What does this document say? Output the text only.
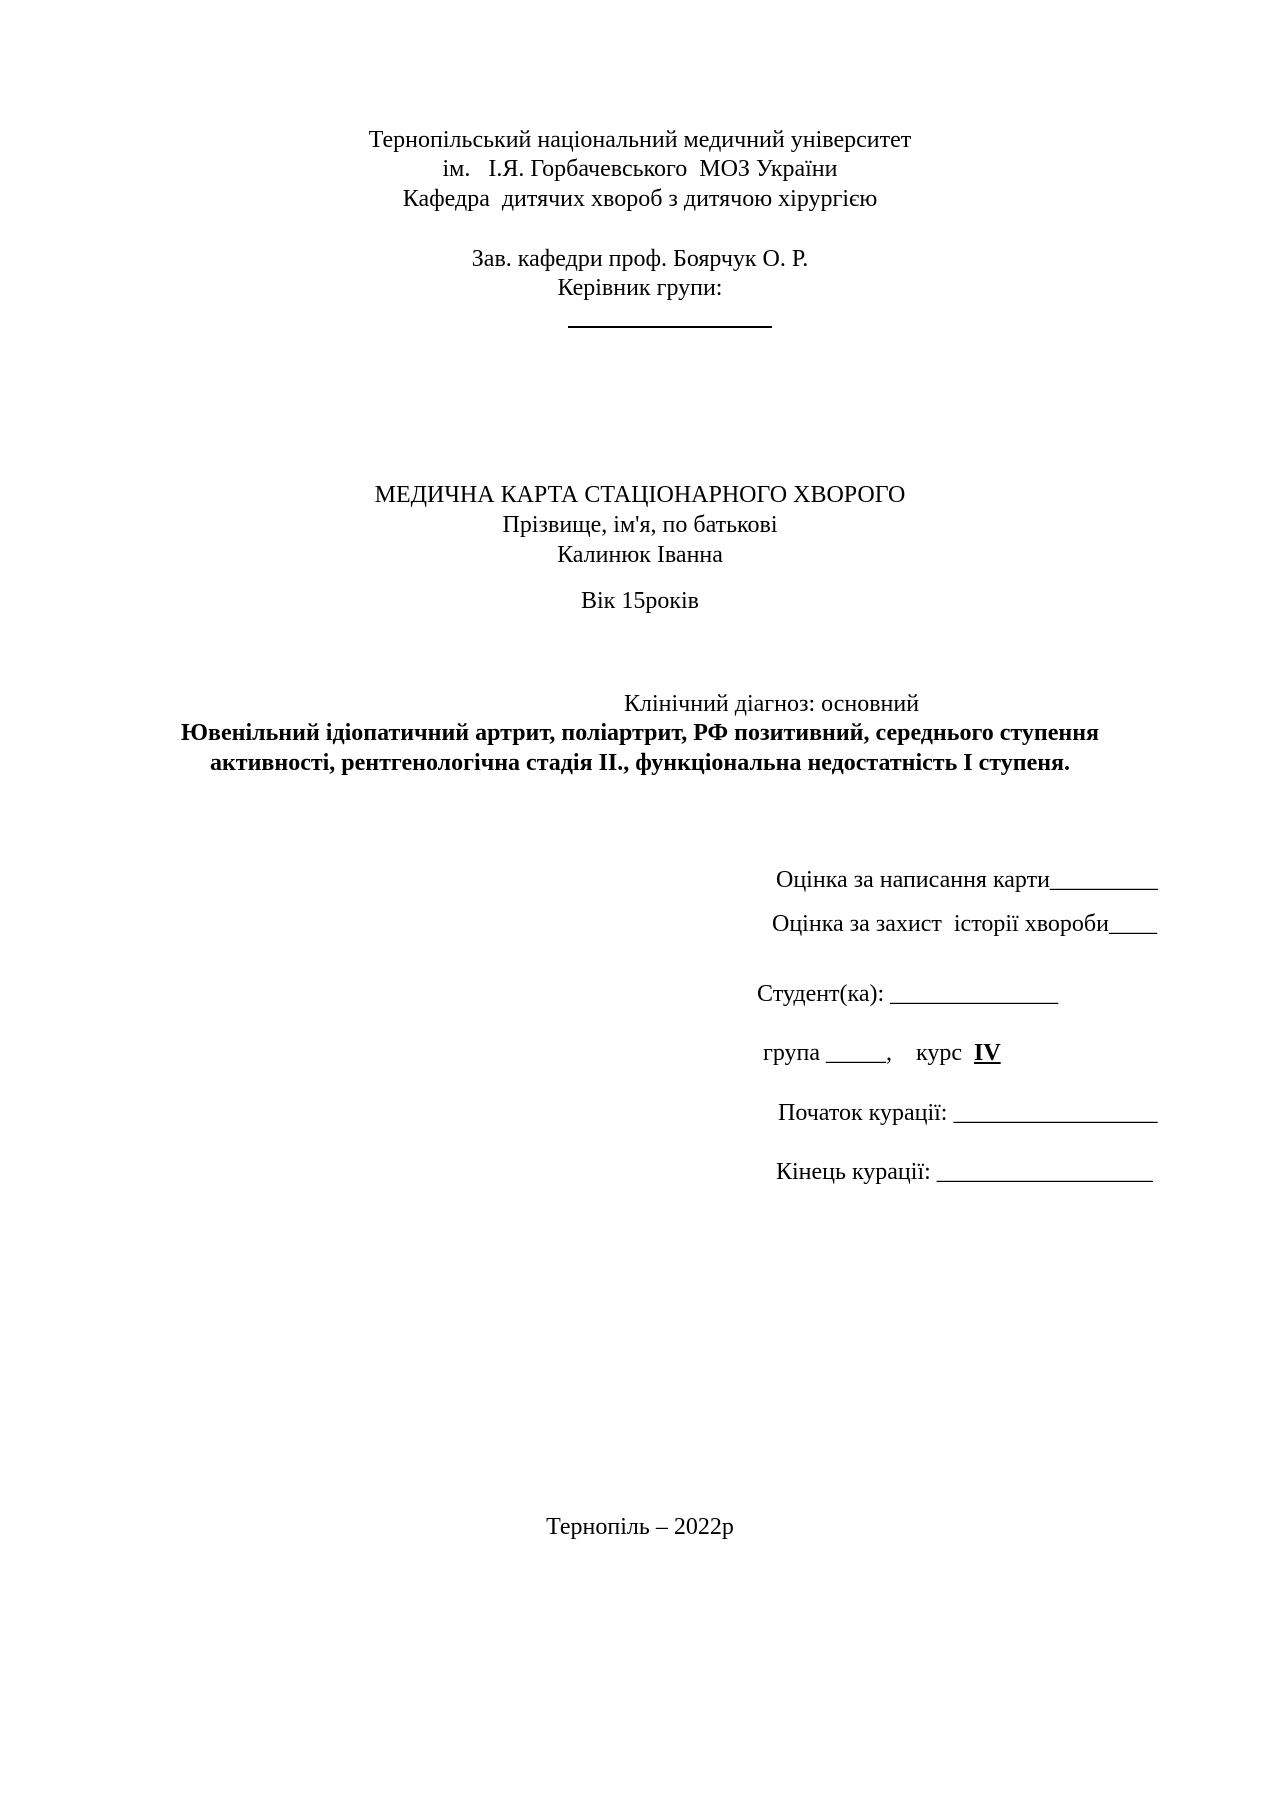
Тернопільський національний медичний університет
ім.   І.Я. Горбачевського  МОЗ України
Кафедра  дитячих хвороб з дитячою хірургією
Зав. кафедри проф. Боярчук О. Р.
Керівник групи:
МЕДИЧНА КАРТА СТАЦІОНАРНОГО ХВОРОГО
Прізвище, ім'я, по батькові
Калинюк Іванна
Вік 15років
Клінічний діагноз: основний
Ювенільний ідіопатичний артрит, поліартрит, РФ позитивний, середнього ступення
активності, рентгенологічна стадія ІІ., функціональна недостатність І ступеня.
Оцінка за написання карти_________
Оцінка за захист  історії хвороби____
Студент(ка): ______________
група _____,    курс  IV
Початок курації: _________________
Кінець курації: __________________
Тернопіль – 2022р
